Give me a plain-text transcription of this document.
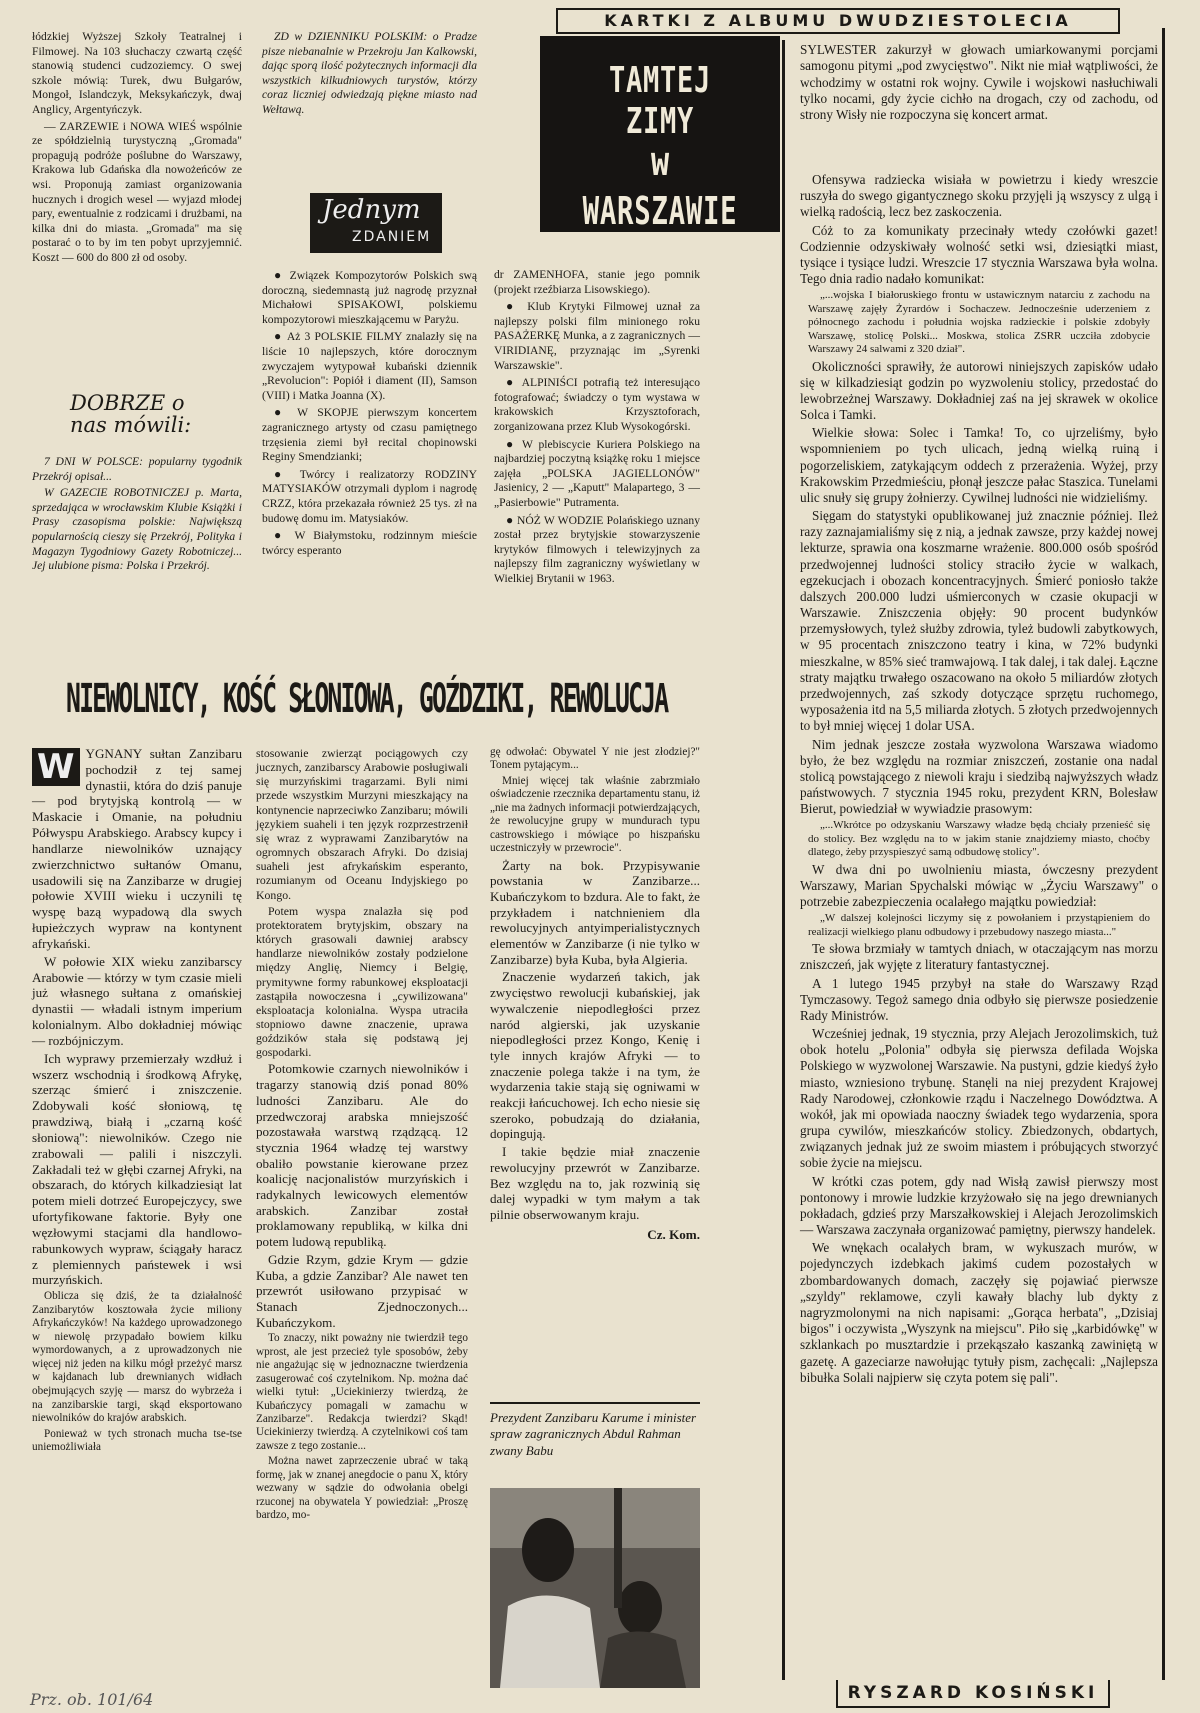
łódzkiej Wyższej Szkoły Teatralnej i Filmowej. Na 103 słuchaczy czwartą część stanowią studenci cudzoziemcy. O swej szkole mówią: Turek, dwu Bułgarów, Mongoł, Islandczyk, Meksykańczyk, dwaj Anglicy, Argentyńczyk.

— ZARZEWIE i NOWA WIEŚ wspólnie ze spółdzielnią turystyczną „Gromada" propagują podróże poślubne do Warszawy, Krakowa lub Gdańska dla nowożeńców ze wsi. Proponują zamiast organizowania hucznych i drogich wesel — wyjazd młodej pary, ewentualnie z rodzicami i drużbami, na kilka dni do miasta. „Gromada" ma się postarać o to by im ten pobyt uprzyjemnić. Koszt — 600 do 800 zł od osoby.

DOBRZE o nas mówili:

7 DNI W POLSCE: popularny tygodnik Przekrój opisał...

W GAZECIE ROBOTNICZEJ p. Marta, sprzedająca w wrocławskim Klubie Książki i Prasy czasopisma polskie: Największą popularnością cieszy się Przekrój, Polityka i Magazyn Tygodniowy Gazety Robotniczej... Jej ulubione pisma: Polska i Przekrój.

ZD w DZIENNIKU POLSKIM: o Pradze pisze niebanalnie w Przekroju Jan Kalkowski, dając sporą ilość pożytecznych informacji dla wszystkich kilkudniowych turystów, którzy coraz liczniej odwiedzają piękne miasto nad Wełtawą.

Jednym
ZDANIEM

● Związek Kompozytorów Polskich swą doroczną, siedemnastą już nagrodę przyznał Michałowi SPISAKOWI, polskiemu kompozytorowi mieszkającemu w Paryżu.

● Aż 3 POLSKIE FILMY znalazły się na liście 10 najlepszych, które dorocznym zwyczajem wytypował kubański dziennik „Revolucion": Popiół i diament (II), Samson (VIII) i Matka Joanna (X).

● W SKOPJE pierwszym koncertem zagranicznego artysty od czasu pamiętnego trzęsienia ziemi był recital chopinowski Reginy Smendzianki;

● Twórcy i realizatorzy RODZINY MATYSIAKÓW otrzymali dyplom i nagrodę CRZZ, która przekazała również 25 tys. zł na budowę domu im. Matysiaków.

● W Białymstoku, rodzinnym mieście twórcy esperanto

dr ZAMENHOFA, stanie jego pomnik (projekt rzeźbiarza Lisowskiego).

● Klub Krytyki Filmowej uznał za najlepszy polski film minionego roku PASAŻERKĘ Munka, a z zagranicznych — VIRIDIANĘ, przyznając im „Syrenki Warszawskie".

● ALPINIŚCI potrafią też interesująco fotografować; świadczy o tym wystawa w krakowskich Krzysztoforach, zorganizowana przez Klub Wysokogórski.

● W plebiscycie Kuriera Polskiego na najbardziej poczytną książkę roku 1 miejsce zajęła „POLSKA JAGIELLONÓW" Jasienicy, 2 — „Kaputt" Malapartego, 3 — „Pasierbowie" Putramenta.

● NÓŻ W WODZIE Polańskiego uznany został przez brytyjskie stowarzyszenie krytyków filmowych i telewizyjnych za najlepszy film zagraniczny wyświetlany w Wielkiej Brytanii w 1963.

KARTKI Z ALBUMU DWUDZIESTOLECIA
TAMTEJ ZIMY
W
WARSZAWIE

SYLWESTER zakurzył w głowach umiarkowanymi porcjami samogonu pitymi „pod zwycięstwo". Nikt nie miał wątpliwości, że wchodzimy w ostatni rok wojny. Cywile i wojskowi nasłuchiwali tylko nocami, gdy życie cichło na drogach, czy od zachodu, od strony Wisły nie rozpoczyna się koncert armat.

Ofensywa radziecka wisiała w powietrzu i kiedy wreszcie ruszyła do swego gigantycznego skoku przyjęli ją wszyscy z ulgą i wielką radością, lecz bez zaskoczenia.

Cóż to za komunikaty przecinały wtedy czołówki gazet! Codziennie odzyskiwały wolność setki wsi, dziesiątki miast, tysiące i tysiące ludzi. Wreszcie 17 stycznia Warszawa była wolna. Tego dnia radio nadało komunikat:

„...wojska I białoruskiego frontu w ustawicznym natarciu z zachodu na Warszawę zajęły Żyrardów i Sochaczew. Jednocześnie uderzeniem z północnego zachodu i południa wojska radzieckie i polskie zdobyły Warszawę, stolicę Polski... Moskwa, stolica ZSRR uczciła zdobycie Warszawy 24 salwami z 320 dział".

Okoliczności sprawiły, że autorowi niniejszych zapisków udało się w kilkadziesiąt godzin po wyzwoleniu stolicy, przedostać do lewobrzeżnej Warszawy. Dokładniej zaś na jej skrawek w okolice Solca i Tamki.

Wielkie słowa: Solec i Tamka! To, co ujrzeliśmy, było wspomnieniem po tych ulicach, jedną wielką ruiną i pogorzeliskiem, zatykającym oddech z przerażenia. Wyżej, przy Krakowskim Przedmieściu, płonął jeszcze pałac Staszica. Tunelami ulic snuły się grupy żołnierzy. Cywilnej ludności nie widzieliśmy.

Sięgam do statystyki opublikowanej już znacznie później. Ileż razy zaznajamialiśmy się z nią, a jednak zawsze, przy każdej nowej lekturze, sprawia ona koszmarne wrażenie. 800.000 osób spośród przedwojennej ludności stolicy straciło życie w walkach, egzekucjach i obozach koncentracyjnych. Śmierć poniosło także dalszych 200.000 ludzi uśmierconych w czasie okupacji w Warszawie. Zniszczenia objęły: 90 procent budynków przemysłowych, tyleż służby zdrowia, tyleż budowli zabytkowych, w 95 procentach zniszczono teatry i kina, w 72% budynki mieszkalne, w 85% sieć tramwajową. I tak dalej, i tak dalej. Łączne straty majątku trwałego oszacowano na około 5 miliardów złotych przedwojennych, zaś szkody dotyczące sprzętu ruchomego, wyposażenia itd na 5,5 miliarda złotych. 5 złotych przedwojennych to był mniej więcej 1 dolar USA.

Nim jednak jeszcze została wyzwolona Warszawa wiadomo było, że bez względu na rozmiar zniszczeń, zostanie ona nadal stolicą powstającego z niewoli kraju i siedzibą najwyższych władz państwowych. 7 stycznia 1945 roku, prezydent KRN, Bolesław Bierut, powiedział w wywiadzie prasowym:

„...Wkrótce po odzyskaniu Warszawy władze będą chciały przenieść się do stolicy. Bez względu na to w jakim stanie znajdziemy miasto, choćby dlatego, żeby przyspieszyć samą odbudowę stolicy".

W dwa dni po uwolnieniu miasta, ówczesny prezydent Warszawy, Marian Spychalski mówiąc w „Życiu Warszawy" o potrzebie zabezpieczenia ocalałego majątku powiedział:

„W dalszej kolejności liczymy się z powołaniem i przystąpieniem do realizacji wielkiego planu odbudowy i przebudowy naszego miasta..."

Te słowa brzmiały w tamtych dniach, w otaczającym nas morzu zniszczeń, jak wyjęte z literatury fantastycznej.

A 1 lutego 1945 przybył na stałe do Warszawy Rząd Tymczasowy. Tegoż samego dnia odbyło się pierwsze posiedzenie Rady Ministrów.

Wcześniej jednak, 19 stycznia, przy Alejach Jerozolimskich, tuż obok hotelu „Polonia" odbyła się pierwsza defilada Wojska Polskiego w wyzwolonej Warszawie. Na pustyni, gdzie kiedyś żyło miasto, wzniesiono trybunę. Stanęli na niej prezydent Krajowej Rady Narodowej, członkowie rządu i Naczelnego Dowództwa. A wokół, jak mi opowiada naoczny świadek tego wydarzenia, spora grupa cywilów, mieszkańców stolicy. Zbiedzonych, obdartych, związanych jednak już ze swoim miastem i próbujących stworzyć sobie życie na miejscu.

W krótki czas potem, gdy nad Wisłą zawisł pierwszy most pontonowy i mrowie ludzkie krzyżowało się na jego drewnianych pokładach, gdzieś przy Marszałkowskiej i Alejach Jerozolimskich — Warszawa zaczynała organizować pamiętny, pierwszy handelek.

We wnękach ocalałych bram, w wykuszach murów, w pojedynczych izdebkach jakimś cudem pozostałych w zbombardowanych domach, zaczęły się pojawiać pierwsze „szyldy" reklamowe, czyli kawały blachy lub dykty z nagryzmolonymi na nich napisami: „Gorąca herbata", „Dzisiaj bigos" i oczywista „Wyszynk na miejscu". Piło się „karbidówkę" w szklankach po musztardzie i przekąszało kaszanką zawiniętą w gazetę. A gazeciarze nawołując tytuły pism, zachęcali: „Najlepsza bibułka Solali najpierw się czyta potem się pali".

RYSZARD KOSIŃSKI
NIEWOLNICY, KOŚĆ SŁONIOWA, GOŹDZIKI, REWOLUCJA

W YGNANY sułtan Zanzibaru pochodził z tej samej dynastii, która do dziś panuje — pod brytyjską kontrolą — w Maskacie i Omanie, na południu Półwyspu Arabskiego. Arabscy kupcy i handlarze niewolników uznający zwierzchnictwo sułtanów Omanu, usadowili się na Zanzibarze w drugiej połowie XVIII wieku i uczynili tę wyspę bazą wypadową dla swych łupieżczych wypraw na kontynent afrykański.

W połowie XIX wieku zanzibarscy Arabowie — którzy w tym czasie mieli już własnego sułtana z omańskiej dynastii — władali istnym imperium kolonialnym. Albo dokładniej mówiąc — rozbójniczym.

Ich wyprawy przemierzały wzdłuż i wszerz wschodnią i środkową Afrykę, szerząc śmierć i zniszczenie. Zdobywali kość słoniową, tę prawdziwą, białą i „czarną kość słoniową": niewolników. Czego nie zrabowali — palili i niszczyli. Zakładali też w głębi czarnej Afryki, na obszarach, do których kilkadziesiąt lat potem mieli dotrzeć Europejczycy, swe ufortyfikowane faktorie. Były one węzłowymi stacjami dla handlowo-rabunkowych wypraw, ściągały haracz z plemiennych państewek i wsi murzyńskich.

Oblicza się dziś, że ta działalność Zanzibarytów kosztowała życie miliony Afrykańczyków! Na każdego uprowadzonego w niewolę przypadało bowiem kilku wymordowanych, a z uprowadzonych nie więcej niż jeden na kilku mógł przeżyć marsz w kajdanach lub drewnianych widłach obejmujących szyję — marsz do wybrzeża i na zanzibarskie targi, skąd eksportowano niewolników do krajów arabskich.

Ponieważ w tych stronach mucha tse-tse uniemożliwiała

stosowanie zwierząt pociągowych czy jucznych, zanzibarscy Arabowie posługiwali się murzyńskimi tragarzami. Byli nimi przede wszystkim Murzyni mieszkający na kontynencie naprzeciwko Zanzibaru; mówili językiem suaheli i ten język rozprzestrzenił się wraz z wyprawami Zanzibarytów na ogromnych obszarach Afryki. Do dzisiaj suaheli jest afrykańskim esperanto, rozumianym od Oceanu Indyjskiego po Kongo.

Potem wyspa znalazła się pod protektoratem brytyjskim, obszary na których grasowali dawniej arabscy handlarze niewolników zostały podzielone między Anglię, Niemcy i Belgię, prymitywne formy rabunkowej eksploatacji zastąpiła nowoczesna i „cywilizowana" eksploatacja kolonialna. Wyspa utraciła stopniowo dawne znaczenie, uprawa goździków stała się podstawą jej gospodarki.

Potomkowie czarnych niewolników i tragarzy stanowią dziś ponad 80% ludności Zanzibaru. Ale do przedwczoraj arabska mniejszość pozostawała warstwą rządzącą. 12 stycznia 1964 władzę tej warstwy obaliło powstanie kierowane przez koalicję nacjonalistów murzyńskich i radykalnych lewicowych elementów arabskich. Zanzibar został proklamowany republiką, w kilka dni potem ludową republiką.

Gdzie Rzym, gdzie Krym — gdzie Kuba, a gdzie Zanzibar? Ale nawet ten przewrót usiłowano przypisać w Stanach Zjednoczonych... Kubańczykom.

To znaczy, nikt poważny nie twierdził tego wprost, ale jest przecież tyle sposobów, żeby nie angażując się w jednoznaczne twierdzenia zasugerować coś czytelnikom. Np. można dać wielki tytuł: „Uciekinierzy twierdzą, że Kubańczycy pomagali w zamachu w Zanzibarze". Redakcja twierdzi? Skąd! Uciekinierzy twierdzą. A czytelnikowi coś tam zawsze z tego zostanie...

Można nawet zaprzeczenie ubrać w taką formę, jak w znanej anegdocie o panu X, który wezwany w sądzie do odwołania obelgi rzuconej na obywatela Y powiedział: „Proszę bardzo, mo-

gę odwołać: Obywatel Y nie jest złodziej?" Tonem pytającym...

Mniej więcej tak właśnie zabrzmiało oświadczenie rzecznika departamentu stanu, iż „nie ma żadnych informacji potwierdzających, że rewolucyjne grupy w mundurach typu castrowskiego i mówiące po hiszpańsku uczestniczyły w przewrocie".

Żarty na bok. Przypisywanie powstania w Zanzibarze... Kubańczykom to bzdura. Ale to fakt, że przykładem i natchnieniem dla rewolucyjnych antyimperialistycznych elementów w Zanzibarze (i nie tylko w Zanzibarze) była Kuba, była Algieria.

Znaczenie wydarzeń takich, jak zwycięstwo rewolucji kubańskiej, jak wywalczenie niepodległości przez naród algierski, jak uzyskanie niepodległości przez Kongo, Kenię i tyle innych krajów Afryki — to znaczenie polega także i na tym, że wydarzenia takie stają się ogniwami w reakcji łańcuchowej. Ich echo niesie się szeroko, pobudzają do działania, dopingują.

I takie będzie miał znaczenie rewolucyjny przewrót w Zanzibarze. Bez względu na to, jak rozwinią się dalej wypadki w tym małym a tak pilnie obserwowanym kraju.

Cz. Kom.
Prezydent Zanzibaru Karume i minister spraw zagranicznych Abdul Rahman zwany Babu
Prz. ob. 101/64
